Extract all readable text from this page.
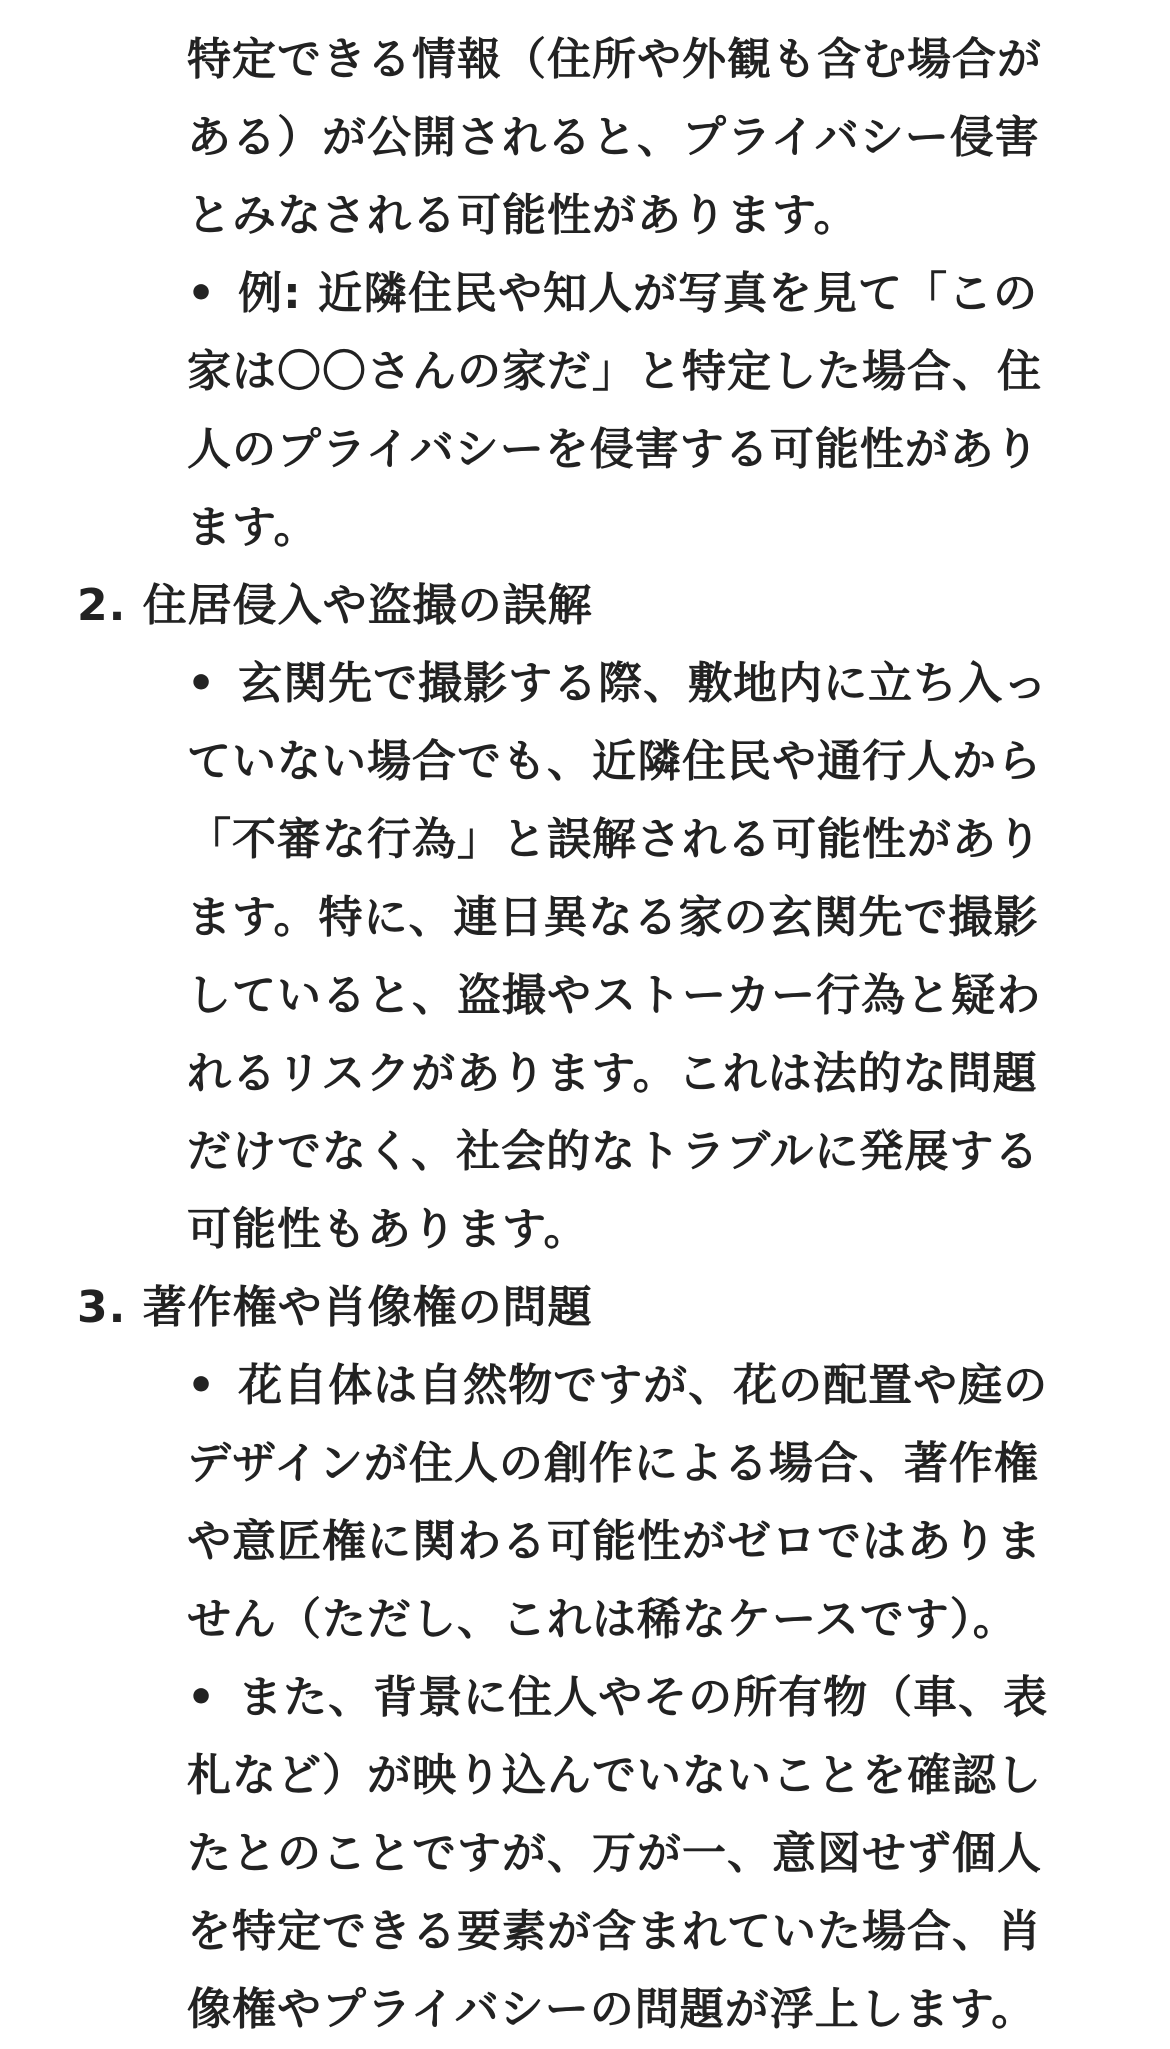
特定できる情報（住所や外観も含む場合が
ある）が公開されると、プライバシー侵害
とみなされる可能性があります。
• 例: 近隣住民や知人が写真を見て「この
家は〇〇さんの家だ」と特定した場合、住
人のプライバシーを侵害する可能性があり
ます。
2. 住居侵入や盗撮の誤解
• 玄関先で撮影する際、敷地内に立ち入っ
ていない場合でも、近隣住民や通行人から
「不審な行為」と誤解される可能性があり
ます。特に、連日異なる家の玄関先で撮影
していると、盗撮やストーカー行為と疑わ
れるリスクがあります。これは法的な問題
だけでなく、社会的なトラブルに発展する
可能性もあります。
3. 著作権や肖像権の問題
• 花自体は自然物ですが、花の配置や庭の
デザインが住人の創作による場合、著作権
や意匠権に関わる可能性がゼロではありま
せん（ただし、これは稀なケースです）。
• また、背景に住人やその所有物（車、表
札など）が映り込んでいないことを確認し
たとのことですが、万が一、意図せず個人
を特定できる要素が含まれていた場合、肖
像権やプライバシーの問題が浮上します。
